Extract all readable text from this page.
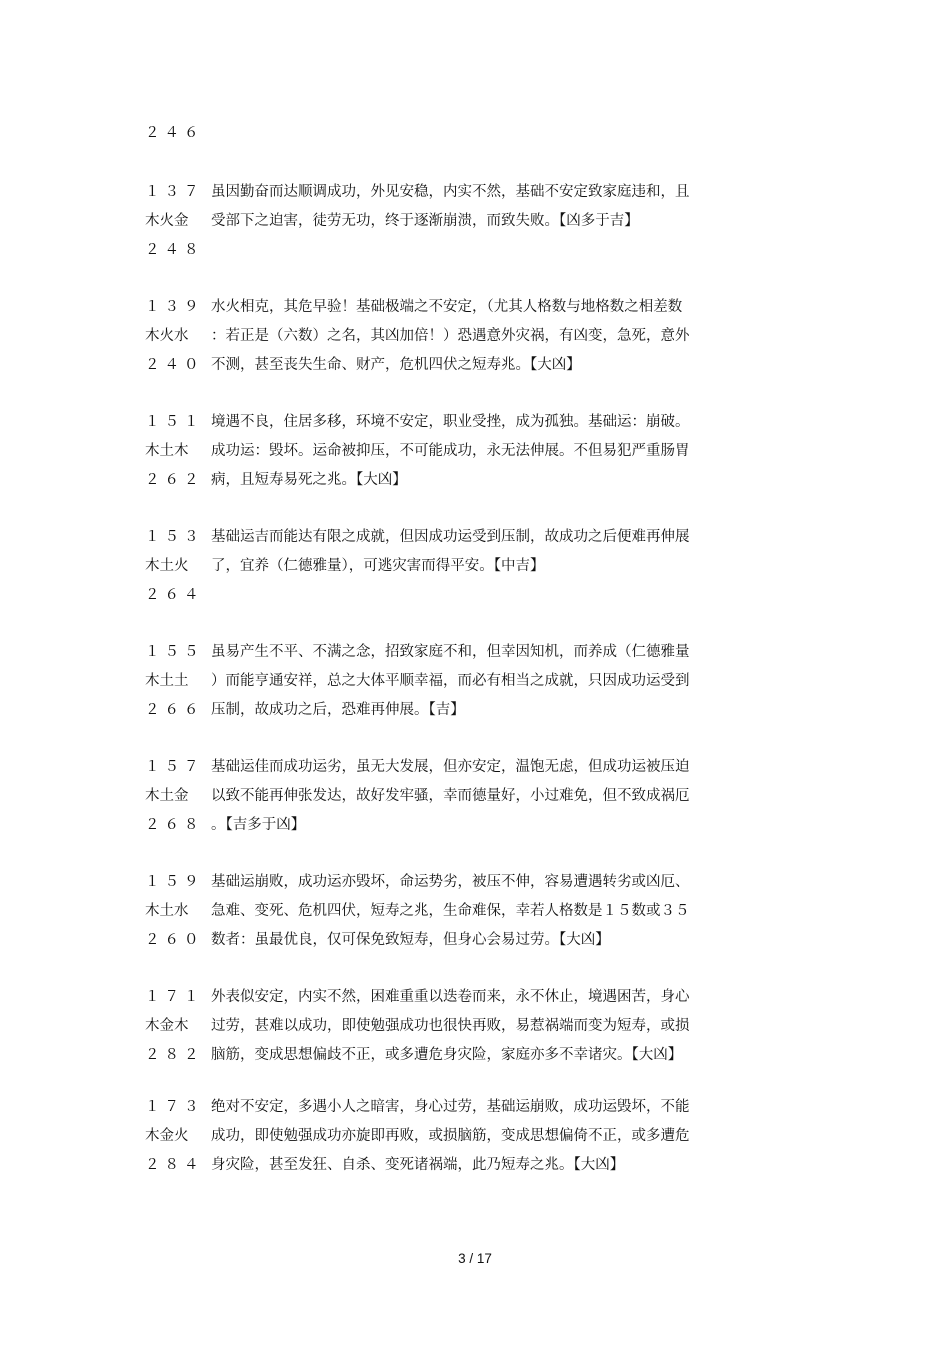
２４６
１３７
木火金
２４８
虽因勤奋而达顺调成功，外见安稳，内实不然，基础不安定致家庭违和，且
受部下之迫害，徒劳无功，终于逐渐崩溃，而致失败。【凶多于吉】
１３９
木火水
２４０
水火相克，其危早验！基础极端之不安定，（尤其人格数与地格数之相差数
：若正是（六数）之名，其凶加倍！）恐遇意外灾祸，有凶变，急死，意外
不测，甚至丧失生命、财产，危机四伏之短寿兆。【大凶】
１５１
木土木
２６２
境遇不良，住居多移，环境不安定，职业受挫，成为孤独。基础运：崩破。
成功运：毁坏。运命被抑压，不可能成功，永无法伸展。不但易犯严重肠胃
病，且短寿易死之兆。【大凶】
１５３
木土火
２６４
基础运吉而能达有限之成就，但因成功运受到压制，故成功之后便难再伸展
了，宜养（仁德雅量），可逃灾害而得平安。【中吉】
１５５
木土土
２６６
虽易产生不平、不满之念，招致家庭不和，但幸因知机，而养成（仁德雅量
）而能亨通安祥，总之大体平顺幸福，而必有相当之成就，只因成功运受到
压制，故成功之后，恐难再伸展。【吉】
１５７
木土金
２６８
基础运佳而成功运劣，虽无大发展，但亦安定，温饱无虑，但成功运被压迫
以致不能再伸张发达，故好发牢骚，幸而德量好，小过难免，但不致成祸厄
。【吉多于凶】
１５９
木土水
２６０
基础运崩败，成功运亦毁坏，命运势劣，被压不伸，容易遭遇转劣或凶厄、
急难、变死、危机四伏，短寿之兆，生命难保，幸若人格数是１５数或３５
数者：虽最优良，仅可保免致短寿，但身心会易过劳。【大凶】
１７１
木金木
２８２
外表似安定，内实不然，困难重重以迭卷而来，永不休止，境遇困苦，身心
过劳，甚难以成功，即使勉强成功也很快再败，易惹祸端而变为短寿，或损
脑筋，变成思想偏歧不正，或多遭危身灾险，家庭亦多不幸诸灾。【大凶】
１７３
木金火
２８４
绝对不安定，多遇小人之暗害，身心过劳，基础运崩败，成功运毁坏，不能
成功，即使勉强成功亦旋即再败，或损脑筋，变成思想偏倚不正，或多遭危
身灾险，甚至发狂、自杀、变死诸祸端，此乃短寿之兆。【大凶】
3 / 17
